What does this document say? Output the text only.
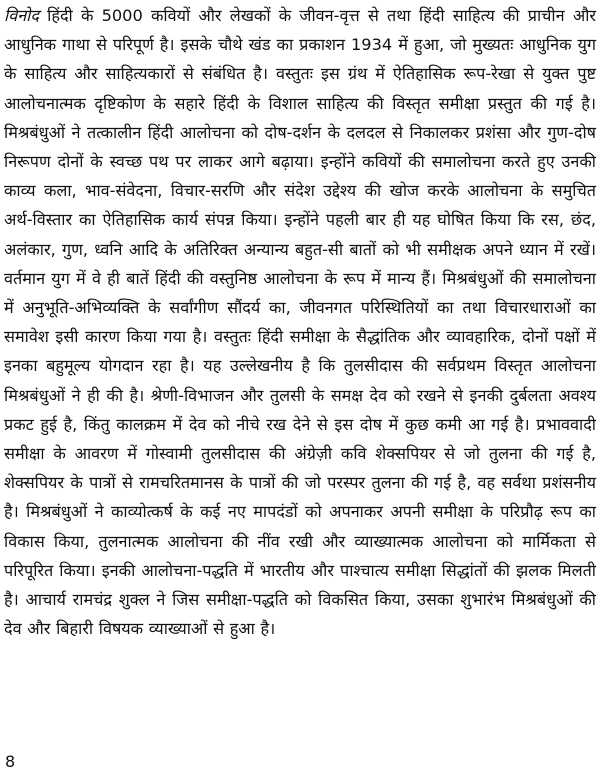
विनोद हिंदी के 5000 कवियों और लेखकों के जीवन-वृत्त से तथा हिंदी साहित्य की प्राचीन और आधुनिक गाथा से परिपूर्ण है। इसके चौथे खंड का प्रकाशन 1934 में हुआ, जो मुख्यतः आधुनिक युग के साहित्य और साहित्यकारों से संबंधित है। वस्तुतः इस ग्रंथ में ऐतिहासिक रूप-रेखा से युक्त पुष्ट आलोचनात्मक दृष्टिकोण के सहारे हिंदी के विशाल साहित्य की विस्तृत समीक्षा प्रस्तुत की गई है। मिश्रबंधुओं ने तत्कालीन हिंदी आलोचना को दोष-दर्शन के दलदल से निकालकर प्रशंसा और गुण-दोष निरूपण दोनों के स्वच्छ पथ पर लाकर आगे बढ़ाया। इन्होंने कवियों की समालोचना करते हुए उनकी काव्य कला, भाव-संवेदना, विचार-सरणि और संदेश उद्देश्य की खोज करके आलोचना के समुचित अर्थ-विस्तार का ऐतिहासिक कार्य संपन्न किया। इन्होंने पहली बार ही यह घोषित किया कि रस, छंद, अलंकार, गुण, ध्वनि आदि के अतिरिक्त अन्यान्य बहुत-सी बातों को भी समीक्षक अपने ध्यान में रखें। वर्तमान युग में वे ही बातें हिंदी की वस्तुनिष्ठ आलोचना के रूप में मान्य हैं। मिश्रबंधुओं की समालोचना में अनुभूति-अभिव्यक्ति के सर्वांगीण सौंदर्य का, जीवनगत परिस्थितियों का तथा विचारधाराओं का समावेश इसी कारण किया गया है। वस्तुतः हिंदी समीक्षा के सैद्धांतिक और व्यावहारिक, दोनों पक्षों में इनका बहुमूल्य योगदान रहा है। यह उल्लेखनीय है कि तुलसीदास की सर्वप्रथम विस्तृत आलोचना मिश्रबंधुओं ने ही की है। श्रेणी-विभाजन और तुलसी के समक्ष देव को रखने से इनकी दुर्बलता अवश्य प्रकट हुई है, किंतु कालक्रम में देव को नीचे रख देने से इस दोष में कुछ कमी आ गई है। प्रभाववादी समीक्षा के आवरण में गोस्वामी तुलसीदास की अंग्रेज़ी कवि शेक्सपियर से जो तुलना की गई है, शेक्सपियर के पात्रों से रामचरितमानस के पात्रों की जो परस्पर तुलना की गई है, वह सर्वथा प्रशंसनीय है। मिश्रबंधुओं ने काव्योत्कर्ष के कई नए मापदंडों को अपनाकर अपनी समीक्षा के परिप्रौढ़ रूप का विकास किया, तुलनात्मक आलोचना की नींव रखी और व्याख्यात्मक आलोचना को मार्मिकता से परिपूरित किया। इनकी आलोचना-पद्धति में भारतीय और पाश्चात्य समीक्षा सिद्धांतों की झलक मिलती है। आचार्य रामचंद्र शुक्ल ने जिस समीक्षा-पद्धति को विकसित किया, उसका शुभारंभ मिश्रबंधुओं की देव और बिहारी विषयक व्याख्याओं से हुआ है।

8
